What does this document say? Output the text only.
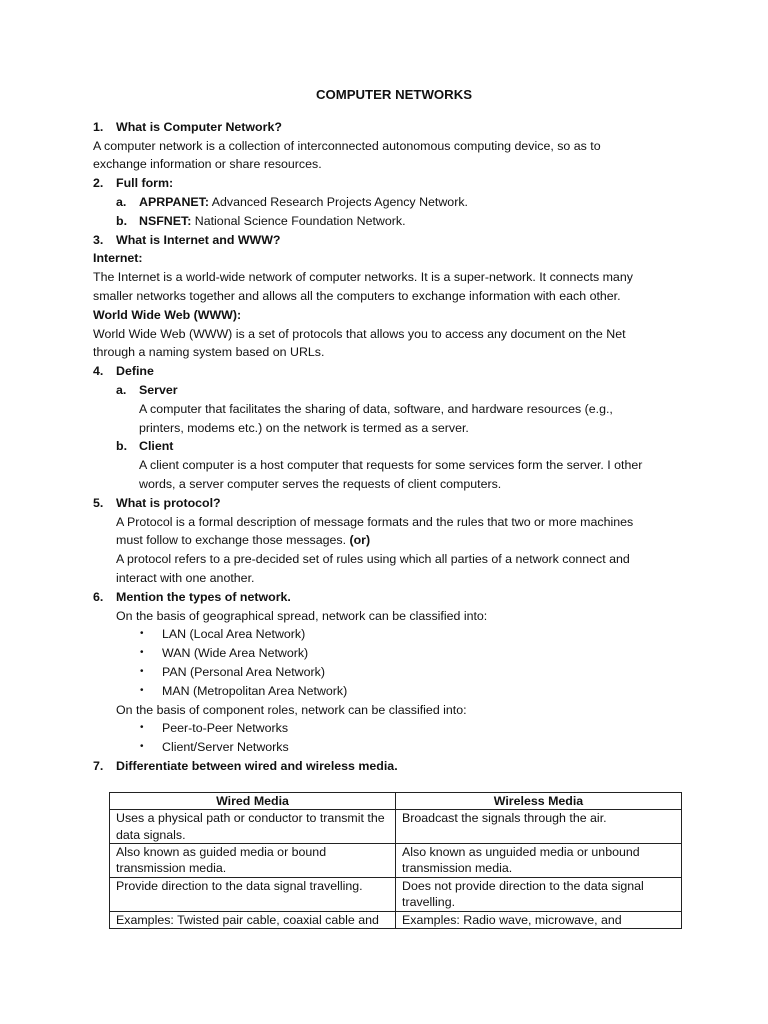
COMPUTER NETWORKS
1.	What is Computer Network?
A computer network is a collection of interconnected autonomous computing device, so as to
exchange information or share resources.
2.	Full form:
a.	APRPANET: Advanced Research Projects Agency Network.
b. NSFNET: National Science Foundation Network.
3.	What is Internet and WWW?
Internet:
The Internet is a world-wide network of computer networks. It is a super-network. It connects many
smaller networks together and allows all the computers to exchange information with each other.
World Wide Web (WWW):
World Wide Web (WWW) is a set of protocols that allows you to access any document on the Net
through a naming system based on URLs.
4.	Define
a.	Server
A computer that facilitates the sharing of data, software, and hardware resources (e.g.,
printers, modems etc.) on the network is termed as a server.
b. Client
A client computer is a host computer that requests for some services form the server. I other
words, a server computer serves the requests of client computers.
5.	What is protocol?
A Protocol is a formal description of message formats and the rules that two or more machines
must follow to exchange those messages. (or)
A protocol refers to a pre-decided set of rules using which all parties of a network connect and
interact with one another.
6.	Mention the types of network.
On the basis of geographical spread, network can be classified into:
•	LAN (Local Area Network)
•	WAN (Wide Area Network)
•	PAN (Personal Area Network)
•	MAN (Metropolitan Area Network)
On the basis of component roles, network can be classified into:
•	Peer-to-Peer Networks
•	Client/Server Networks
7.	Differentiate between wired and wireless media.
Wired Media	Wireless Media
Uses a physical path or conductor to transmit the data signals.	Broadcast the signals through the air.
Also known as guided media or bound transmission media.	Also known as unguided media or unbound transmission media.
Provide direction to the data signal travelling.	Does not provide direction to the data signal travelling.
Examples: Twisted pair cable, coaxial cable and	Examples: Radio wave, microwave, and
